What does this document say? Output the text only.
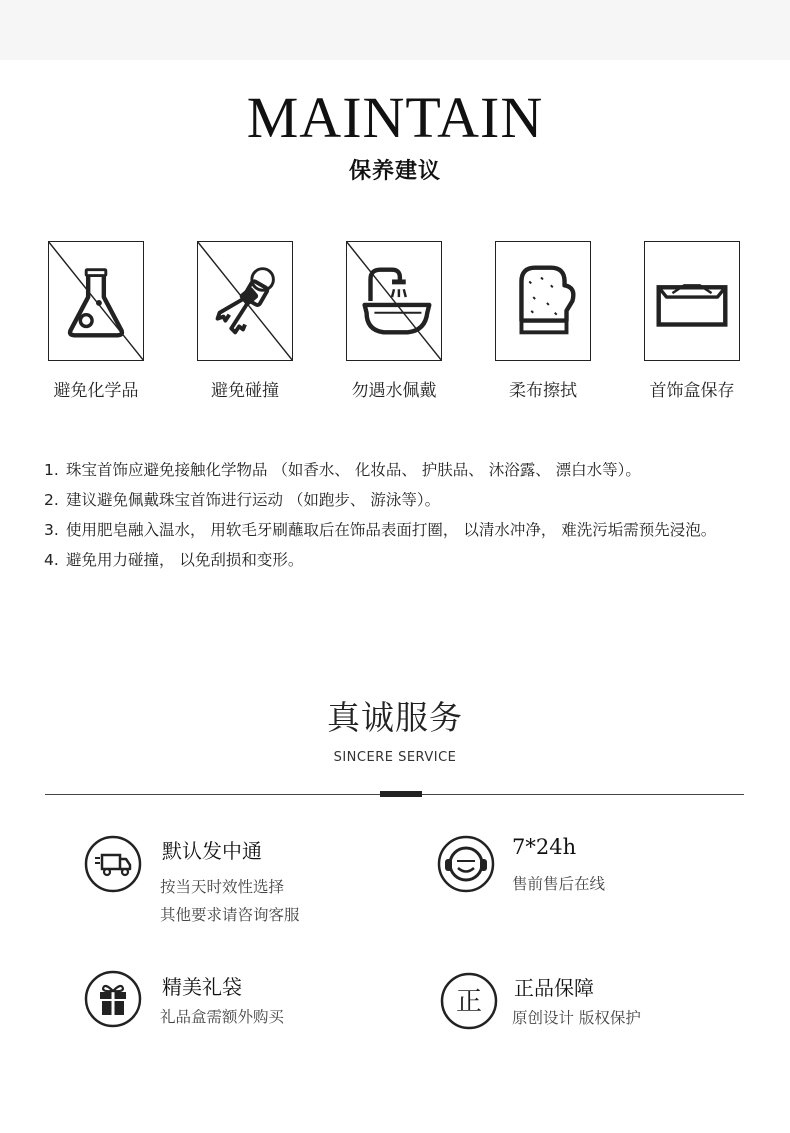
MAINTAIN
保养建议
避免化学品	避免碰撞	勿遇水佩戴	柔布擦拭	首饰盒保存
1. 珠宝首饰应避免接触化学物品 （如香水、 化妆品、 护肤品、 沐浴露、 漂白水等）。
2. 建议避免佩戴珠宝首饰进行运动 （如跑步、 游泳等）。
3. 使用肥皂融入温水， 用软毛牙刷蘸取后在饰品表面打圈， 以清水冲净， 难洗污垢需预先浸泡。
4. 避免用力碰撞， 以免刮损和变形。
真诚服务
SINCERE SERVICE
默认发中通
按当天时效性选择
其他要求请咨询客服
7*24h
售前售后在线
精美礼袋
礼品盒需额外购买	正 正品保障
原创设计 版权保护
